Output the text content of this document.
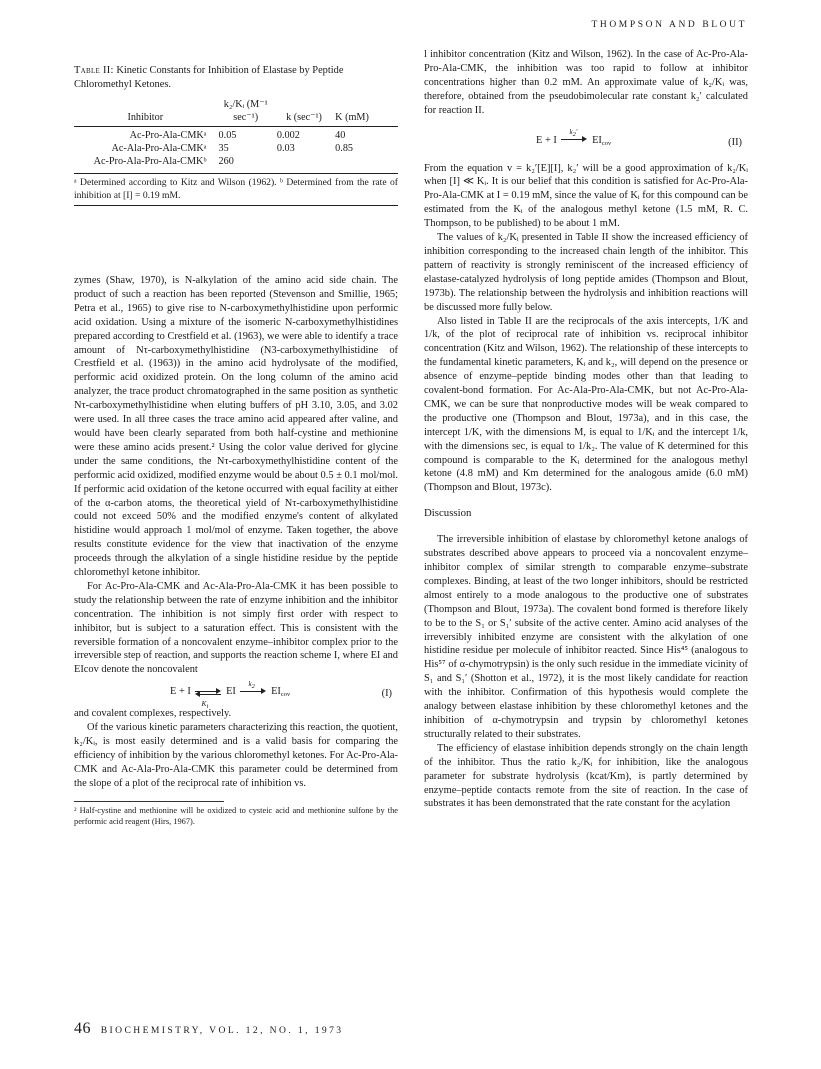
THOMPSON AND BLOUT
Table II: Kinetic Constants for Inhibition of Elastase by Peptide Chloromethyl Ketones.
Inhibitor	k₂/Kᵢ (M⁻¹ sec⁻¹)	k (sec⁻¹)	K (mM)
Ac-Pro-Ala-CMKᵃ	0.05	0.002	40
Ac-Ala-Pro-Ala-CMKᵃ	35	0.03	0.85
Ac-Pro-Ala-Pro-Ala-CMKᵇ	260		
ᵃ Determined according to Kitz and Wilson (1962). ᵇ Determined from the rate of inhibition at [I] = 0.19 mM.

zymes (Shaw, 1970), is N-alkylation of the amino acid side chain. The product of such a reaction has been reported (Stevenson and Smillie, 1965; Petra et al., 1965) to give rise to N-carboxymethylhistidine upon performic acid oxidation. Using a mixture of the isomeric N-carboxymethylhistidines prepared according to Crestfield et al. (1963), we were able to identify a trace amount of Nτ-carboxymethylhistidine (N3-carboxymethylhistidine of Crestfield et al. (1963)) in the amino acid hydrolysate of the modified, performic acid oxidized protein. On the long column of the amino acid analyzer, the trace product chromatographed in the same position as synthetic Nτ-carboxymethylhistidine when eluting buffers of pH 3.10, 3.05, and 3.02 were used. In all three cases the trace amino acid appeared after valine, and would have been clearly separated from both half-cystine and methionine were these amino acids present.² Using the color value derived for glycine under the same conditions, the Nτ-carboxymethylhistidine content of the performic acid oxidized, modified enzyme would be about 0.5 ± 0.1 mol/mol. If performic acid oxidation of the ketone occurred with equal facility at either of the α-carbon atoms, the theoretical yield of Nτ-carboxymethylhistidine could not exceed 50% and the modified enzyme's content of alkylated histidine would approach 1 mol/mol of enzyme. Taken together, the above results constitute evidence for the view that inactivation of the enzyme proceeds through the alkylation of a single histidine residue by the peptide chloromethyl ketone inhibitor.

For Ac-Pro-Ala-CMK and Ac-Ala-Pro-Ala-CMK it has been possible to study the relationship between the rate of enzyme inhibition and the inhibitor concentration. The inhibition is not simply first order with respect to inhibitor, but is subject to a saturation effect. This is consistent with the reversible formation of a noncovalent enzyme–inhibitor complex prior to the irreversible step of reaction, and supports the reaction scheme I, where EI and EIcov denote the noncovalent

E + I
$K_i$
EI
$k_2$ $EI_{cov}$	(I)

and covalent complexes, respectively.

Of the various kinetic parameters characterizing this reaction, the quotient, k₂/Kᵢ, is most easily determined and is a valid basis for comparing the efficiency of inhibition by the various chloromethyl ketones. For Ac-Pro-Ala-CMK and Ac-Ala-Pro-Ala-CMK this parameter could be determined from the slope of a plot of the reciprocal rate of inhibition vs.

² Half-cystine and methionine will be oxidized to cysteic acid and methionine sulfone by the performic acid reagent (Hirs, 1967).

l inhibitor concentration (Kitz and Wilson, 1962). In the case of Ac-Pro-Ala-Pro-Ala-CMK, the inhibition was too rapid to follow at inhibitor concentrations higher than 0.2 mM. An approximate value of k₂/Kᵢ was, therefore, obtained from the pseudobimolecular rate constant k₂′ calculated for reaction II.

E + I
$k_2'$
$EI_{cov}$	(II)

From the equation v = k₂′[E][I], k₂′ will be a good approximation of k₂/Kᵢ when [I] ≪ Kᵢ. It is our belief that this condition is satisfied for Ac-Pro-Ala-Pro-Ala-CMK at I = 0.19 mM, since the value of Kᵢ for this compound can be estimated from the Kᵢ of the analogous methyl ketone (1.5 mM, R. C. Thompson, to be published) to be about 1 mM.

The values of k₂/Kᵢ presented in Table II show the increased efficiency of inhibition corresponding to the increased chain length of the inhibitor. This pattern of reactivity is strongly reminiscent of the increased efficiency of elastase-catalyzed hydrolysis of long peptide amides (Thompson and Blout, 1973b). The relationship between the hydrolysis and inhibition reactions will be discussed more fully below.

Also listed in Table II are the reciprocals of the axis intercepts, 1/K and 1/k, of the plot of reciprocal rate of inhibition vs. reciprocal inhibitor concentration (Kitz and Wilson, 1962). The relationship of these intercepts to the fundamental kinetic parameters, Kᵢ and k₂, will depend on the presence or absence of enzyme–peptide binding modes other than that leading to covalent-bond formation. For Ac-Ala-Pro-Ala-CMK, but not Ac-Pro-Ala-CMK, we can be sure that nonproductive modes will be weak compared to the productive one (Thompson and Blout, 1973a), and in this case, the intercept 1/K, with the dimensions M, is equal to 1/Kᵢ and the intercept 1/k, with the dimensions sec, is equal to 1/k₂. The value of K determined for this compound is comparable to the Kᵢ determined for the analogous methyl ketone (4.8 mM) and Km determined for the analogous amide (6.0 mM) (Thompson and Blout, 1973c).

Discussion

The irreversible inhibition of elastase by chloromethyl ketone analogs of substrates described above appears to proceed via a noncovalent enzyme–inhibitor complex of similar strength to comparable enzyme–substrate complexes. Binding, at least of the two longer inhibitors, should be restricted almost entirely to a mode analogous to the productive one of substrates (Thompson and Blout, 1973a). The covalent bond formed is therefore likely to be to the S₁ or S₁′ subsite of the active center. Amino acid analyses of the irreversibly inhibited enzyme are consistent with the alkylation of one histidine residue per molecule of inhibitor reacted. Since His⁴⁵ (analogous to His⁵⁷ of α-chymotrypsin) is the only such residue in the immediate vicinity of S₁ and S₁′ (Shotton et al., 1972), it is the most likely candidate for reaction with the inhibitor. Confirmation of this hypothesis would complete the analogy between elastase inhibition by these chloromethyl ketones and the inhibition of α-chymotrypsin and trypsin by chloromethyl ketones structurally related to their substrates.

The efficiency of elastase inhibition depends strongly on the chain length of the inhibitor. Thus the ratio k₂/Kᵢ for inhibition, like the analogous parameter for substrate hydrolysis (kcat/Km), is partly determined by enzyme–peptide contacts remote from the site of reaction. In the case of substrates it has been demonstrated that the rate constant for the acylation

46 BIOCHEMISTRY, VOL. 12, NO. 1, 1973
